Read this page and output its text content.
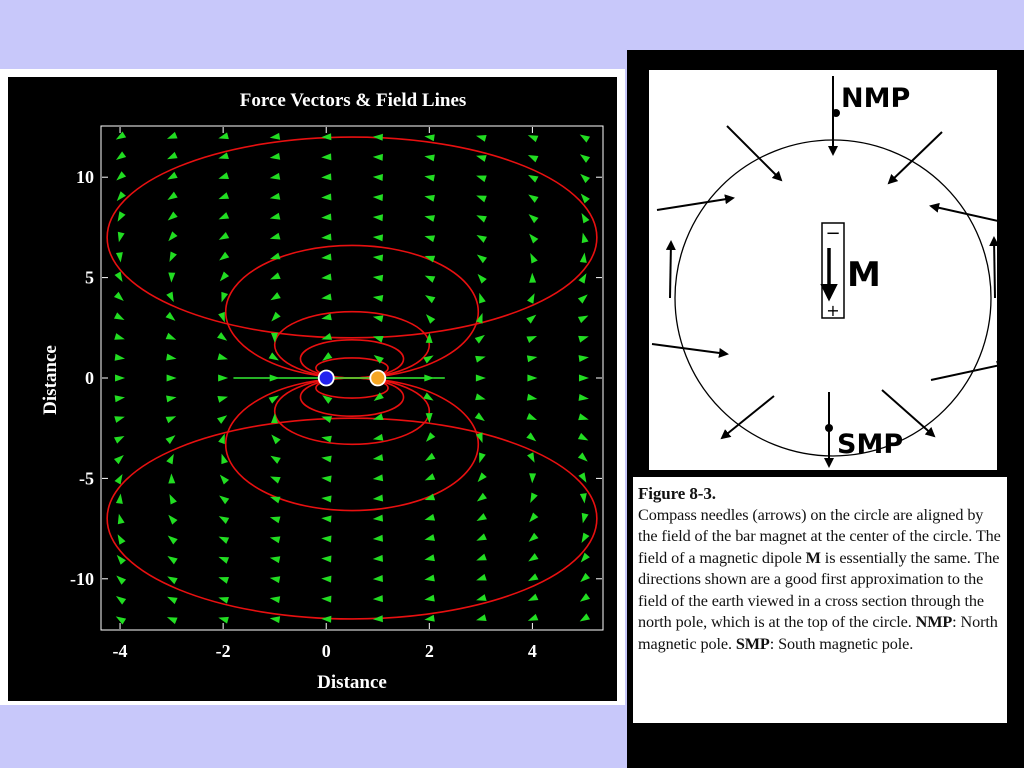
Force Vectors & Field Lines
-4	-2	0	2	4
10
5
0
-5
-10
Distance
Distance
NMP
SMP
−
+
M
Figure 8-3.
Compass needles (arrows) on the circle are aligned by the field of the bar magnet at the center of the circle. The field of a magnetic dipole M is essentially the same. The directions shown are a good first approximation to the field of the earth viewed in a cross section through the north pole, which is at the top of the circle. NMP: North magnetic pole. SMP: South magnetic pole.
